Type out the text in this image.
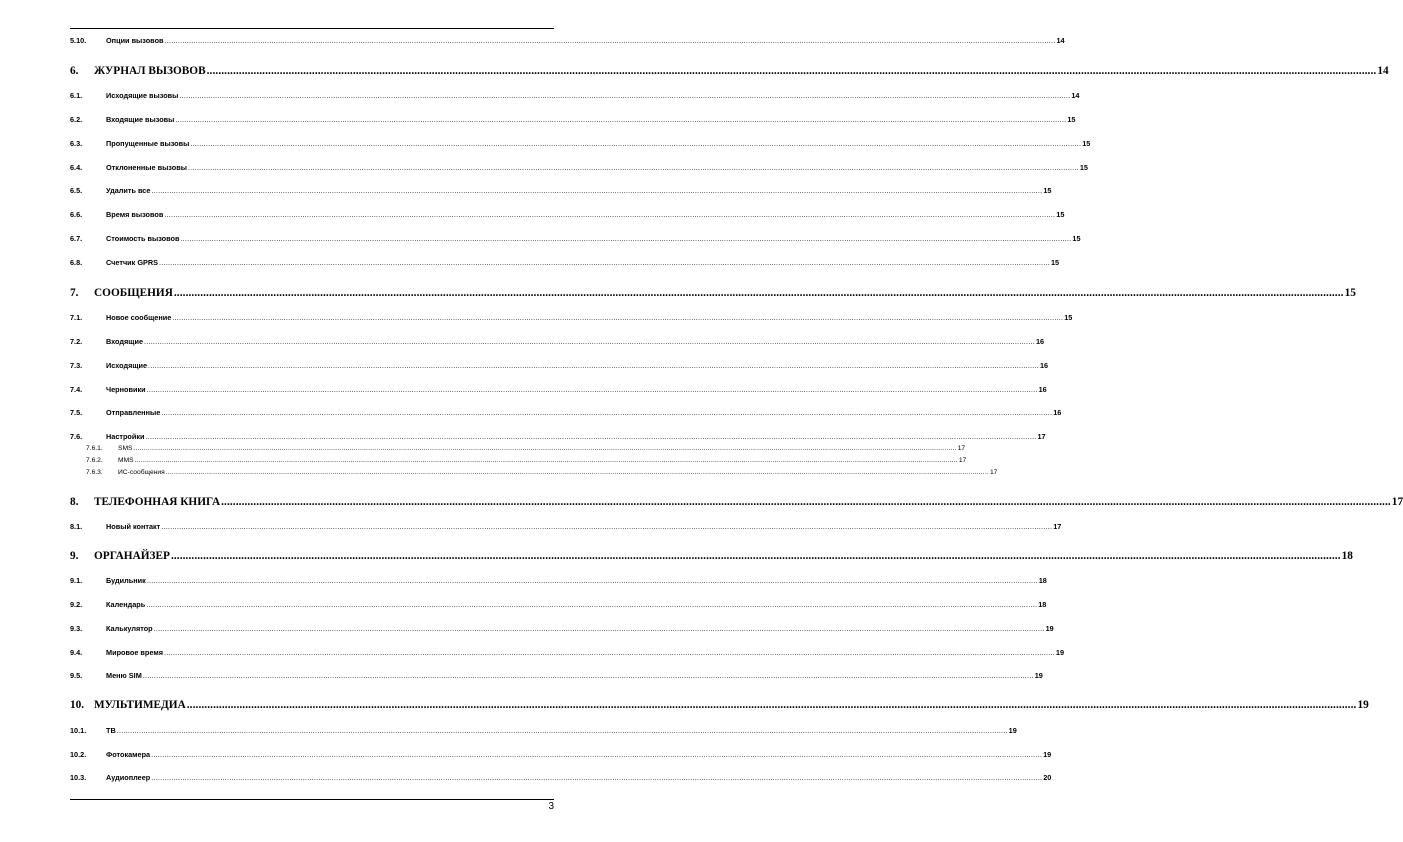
5.10.	Опции вызовов ................................................................................................................................................................................................................................................................................................................................................................................................................ 14
6.	ЖУРНАЛ ВЫЗОВОВ ................................................................................................................................................................................................................................................................................................................................................................................................................ 14
6.1.	Исходящие вызовы ................................................................................................................................................................................................................................................................................................................................................................................................................ 14
6.2.	Входящие вызовы ................................................................................................................................................................................................................................................................................................................................................................................................................ 15
6.3.	Пропущенные вызовы ................................................................................................................................................................................................................................................................................................................................................................................................................ 15
6.4.	Отклоненные вызовы ................................................................................................................................................................................................................................................................................................................................................................................................................ 15
6.5.	Удалить все ................................................................................................................................................................................................................................................................................................................................................................................................................ 15
6.6.	Время вызовов ................................................................................................................................................................................................................................................................................................................................................................................................................ 15
6.7.	Стоимость вызовов ................................................................................................................................................................................................................................................................................................................................................................................................................ 15
6.8.	Счетчик GPRS ................................................................................................................................................................................................................................................................................................................................................................................................................ 15
7.	СООБЩЕНИЯ ................................................................................................................................................................................................................................................................................................................................................................................................................ 15
7.1.	Новое сообщение ................................................................................................................................................................................................................................................................................................................................................................................................................ 15
7.2.	Входящие ................................................................................................................................................................................................................................................................................................................................................................................................................ 16
7.3.	Исходящие ................................................................................................................................................................................................................................................................................................................................................................................................................ 16
7.4.	Черновики ................................................................................................................................................................................................................................................................................................................................................................................................................ 16
7.5.	Отправленные ................................................................................................................................................................................................................................................................................................................................................................................................................ 16
7.6.	Настройки ................................................................................................................................................................................................................................................................................................................................................................................................................ 17
7.6.1.	SMS ................................................................................................................................................................................................................................................................................................................................................................................................................ 17
7.6.2.	MMS ................................................................................................................................................................................................................................................................................................................................................................................................................ 17
7.6.3.	ИС-сообщения ................................................................................................................................................................................................................................................................................................................................................................................................................ 17
8.	ТЕЛЕФОННАЯ КНИГА ................................................................................................................................................................................................................................................................................................................................................................................................................ 17
8.1.	Новый контакт ................................................................................................................................................................................................................................................................................................................................................................................................................ 17
9.	ОРГАНАЙЗЕР ................................................................................................................................................................................................................................................................................................................................................................................................................ 18
9.1.	Будильник ................................................................................................................................................................................................................................................................................................................................................................................................................ 18
9.2.	Календарь ................................................................................................................................................................................................................................................................................................................................................................................................................ 18
9.3.	Калькулятор ................................................................................................................................................................................................................................................................................................................................................................................................................ 19
9.4.	Мировое время ................................................................................................................................................................................................................................................................................................................................................................................................................ 19
9.5.	Меню SIM ................................................................................................................................................................................................................................................................................................................................................................................................................ 19
10. МУЛЬТИМЕДИА ................................................................................................................................................................................................................................................................................................................................................................................................................ 19
10.1.	ТВ ................................................................................................................................................................................................................................................................................................................................................................................................................ 19
10.2.	Фотокамера ................................................................................................................................................................................................................................................................................................................................................................................................................ 19
10.3.	Аудиоплеер ................................................................................................................................................................................................................................................................................................................................................................................................................ 20
3
